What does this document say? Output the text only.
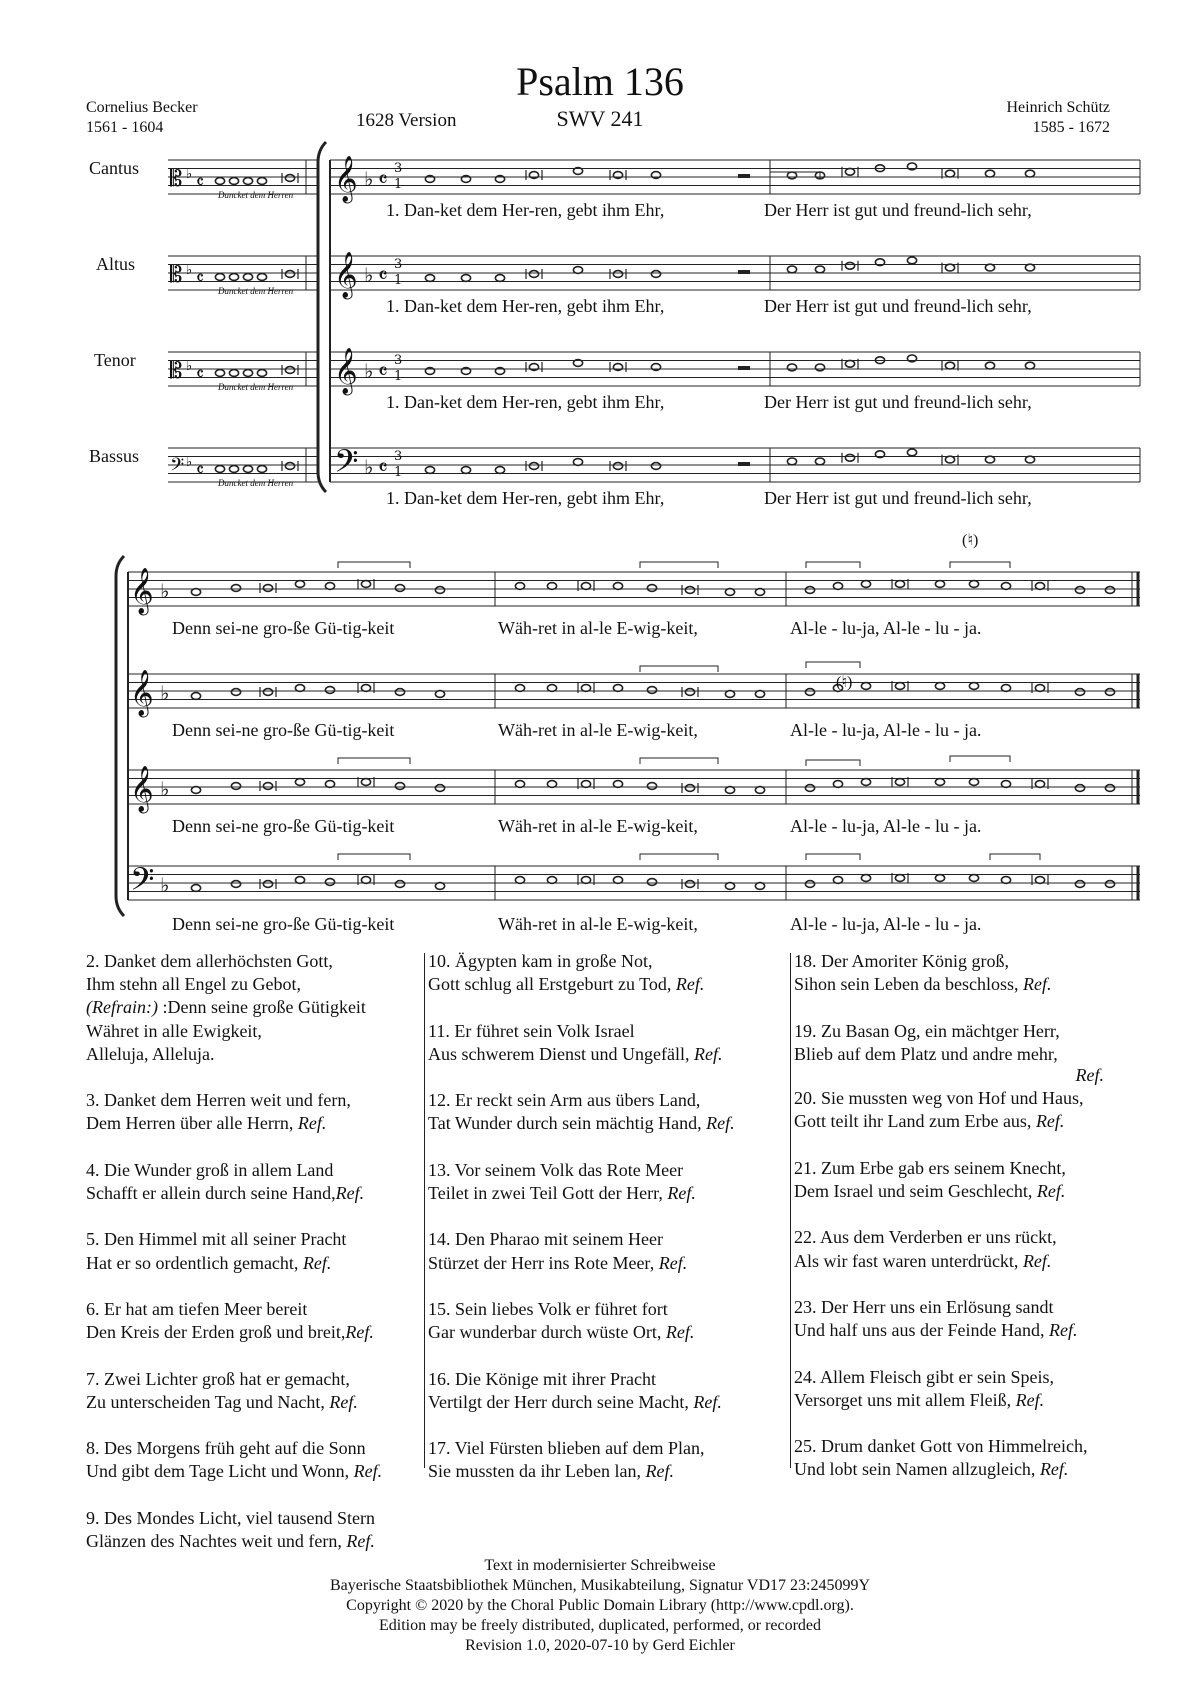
Psalm 136
SWV 241
1628 Version
Cornelius Becker
1561 - 1604
Heinrich Schütz
1585 - 1672
Cantus
Altus
Tenor
Bassus
𝄞 ♭ 𝄴 3
1
𝄡 ♭ 𝄴
𝄞 ♭ 𝄴 3
1
𝄡 ♭ 𝄴
𝄞 ♭ 𝄴 3
1
𝄡 ♭ 𝄴
𝄢 ♭ 𝄴 3
1
𝄢 ♭ 𝄴
𝄞 ♭
𝄞 ♭
𝄞 ♭
𝄢 ♭
Dancket dem Herren
Dancket dem Herren
Dancket dem Herren
Dancket dem Herren
1. Dan-ket dem Her-ren, gebt ihm Ehr,	Der Herr ist gut und freund-lich sehr,
1. Dan-ket dem Her-ren, gebt ihm Ehr,	Der Herr ist gut und freund-lich sehr,
1. Dan-ket dem Her-ren, gebt ihm Ehr,	Der Herr ist gut und freund-lich sehr,
1. Dan-ket dem Her-ren, gebt ihm Ehr,	Der Herr ist gut und freund-lich sehr,
Denn sei-ne gro-ße Gü-tig-keit	Wäh-ret in al-le E-wig-keit,	Al-le - lu-ja, Al-le - lu - ja.
Denn sei-ne gro-ße Gü-tig-keit	Wäh-ret in al-le E-wig-keit,	Al-le - lu-ja, Al-le - lu - ja.
Denn sei-ne gro-ße Gü-tig-keit	Wäh-ret in al-le E-wig-keit,	Al-le - lu-ja, Al-le - lu - ja.
Denn sei-ne gro-ße Gü-tig-keit	Wäh-ret in al-le E-wig-keit,	Al-le - lu-ja, Al-le - lu - ja.
(♮)
(♮)
2. Danket dem allerhöchsten Gott,
Ihm stehn all Engel zu Gebot,
(Refrain:) :Denn seine große Gütigkeit
Währet in alle Ewigkeit,
Alleluja, Alleluja.
3. Danket dem Herren weit und fern,
Dem Herren über alle Herrn, Ref.
4. Die Wunder groß in allem Land
Schafft er allein durch seine Hand,Ref.
5. Den Himmel mit all seiner Pracht
Hat er so ordentlich gemacht, Ref.
6. Er hat am tiefen Meer bereit
Den Kreis der Erden groß und breit,Ref.
7. Zwei Lichter groß hat er gemacht,
Zu unterscheiden Tag und Nacht, Ref.
8. Des Morgens früh geht auf die Sonn
Und gibt dem Tage Licht und Wonn, Ref.
9. Des Mondes Licht, viel tausend Stern
Glänzen des Nachtes weit und fern, Ref.
10. Ägypten kam in große Not,
Gott schlug all Erstgeburt zu Tod, Ref.
11. Er führet sein Volk Israel
Aus schwerem Dienst und Ungefäll, Ref.
12. Er reckt sein Arm aus übers Land,
Tat Wunder durch sein mächtig Hand, Ref.
13. Vor seinem Volk das Rote Meer
Teilet in zwei Teil Gott der Herr, Ref.
14. Den Pharao mit seinem Heer
Stürzet der Herr ins Rote Meer, Ref.
15. Sein liebes Volk er führet fort
Gar wunderbar durch wüste Ort, Ref.
16. Die Könige mit ihrer Pracht
Vertilgt der Herr durch seine Macht, Ref.
17. Viel Fürsten blieben auf dem Plan,
Sie mussten da ihr Leben lan, Ref.
18. Der Amoriter König groß,
Sihon sein Leben da beschloss, Ref.
19. Zu Basan Og, ein mächtger Herr,
Blieb auf dem Platz und andre mehr,
Ref.
20. Sie mussten weg von Hof und Haus,
Gott teilt ihr Land zum Erbe aus, Ref.
21. Zum Erbe gab ers seinem Knecht,
Dem Israel und seim Geschlecht, Ref.
22. Aus dem Verderben er uns rückt,
Als wir fast waren unterdrückt, Ref.
23. Der Herr uns ein Erlösung sandt
Und half uns aus der Feinde Hand, Ref.
24. Allem Fleisch gibt er sein Speis,
Versorget uns mit allem Fleiß, Ref.
25. Drum danket Gott von Himmelreich,
Und lobt sein Namen allzugleich, Ref.
Text in modernisierter Schreibweise
Bayerische Staatsbibliothek München, Musikabteilung, Signatur VD17 23:245099Y
Copyright © 2020 by the Choral Public Domain Library (http://www.cpdl.org).
Edition may be freely distributed, duplicated, performed, or recorded
Revision 1.0, 2020-07-10 by Gerd Eichler
